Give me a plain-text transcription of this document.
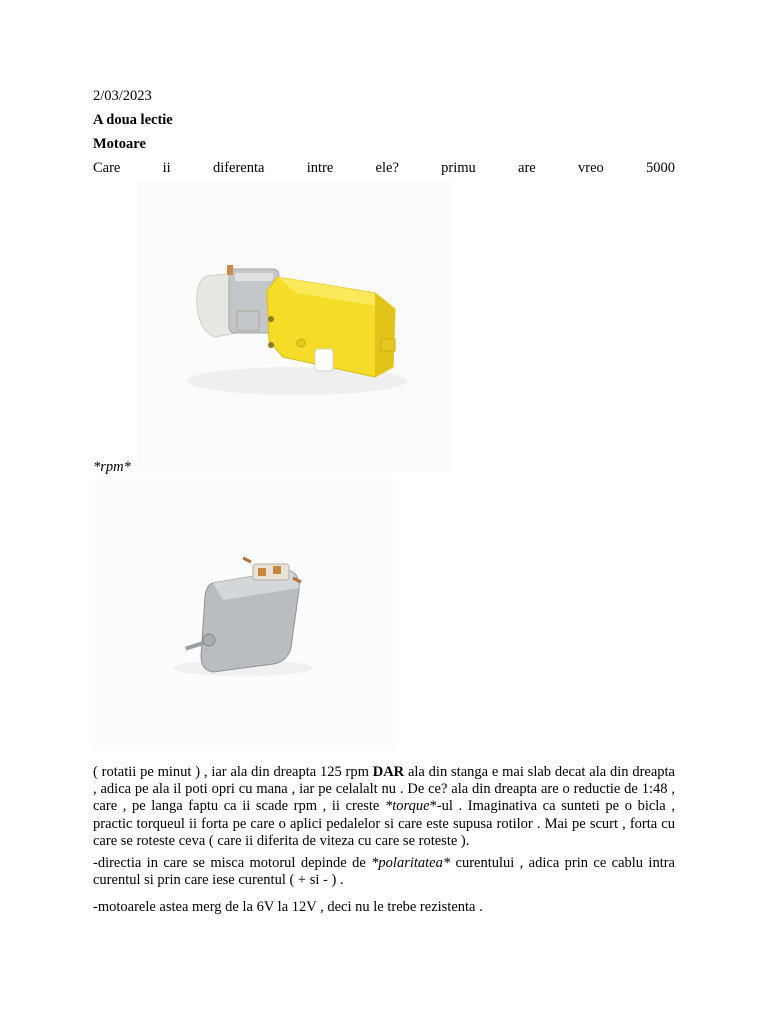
2/03/2023
A doua lectie
Motoare
Care	ii	diferenta	intre	ele?	primu	are	vreo	5000
*rpm*

( rotatii pe minut ) , iar ala din dreapta 125 rpm DAR ala din stanga e mai slab decat ala din dreapta , adica pe ala il poti opri cu mana , iar pe celalalt nu . De ce? ala din dreapta are o reductie de 1:48 , care , pe langa faptu ca ii scade rpm , ii creste *torque*-ul . Imaginativa ca sunteti pe o bicla , practic torqueul ii forta pe care o aplici pedalelor si care este supusa rotilor . Mai pe scurt , forta cu care se roteste ceva ( care ii diferita de viteza cu care se roteste ).

-directia in care se misca motorul depinde de *polaritatea* curentului , adica prin ce cablu intra curentul si prin care iese curentul ( + si - ) .

-motoarele astea merg de la 6V la 12V , deci nu le trebe rezistenta .
